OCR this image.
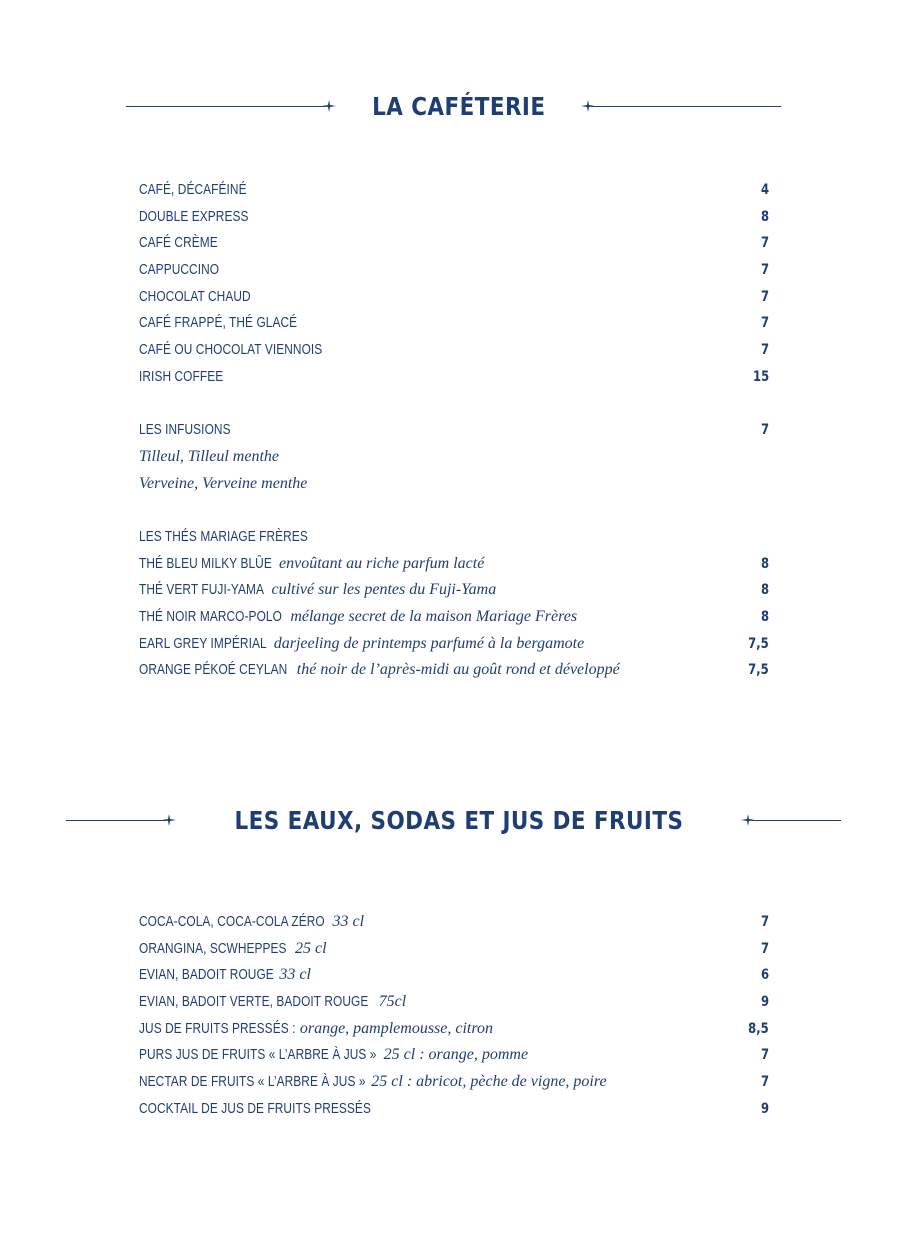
LA CAFÉTERIE
CAFÉ, DÉCAFÉINÉ	4
DOUBLE EXPRESS	8
CAFÉ CRÈME	7
CAPPUCCINO	7
CHOCOLAT CHAUD	7
CAFÉ FRAPPÉ, THÉ GLACÉ	7
CAFÉ OU CHOCOLAT VIENNOIS	7
IRISH COFFEE	15
LES INFUSIONS	7
Tilleul, Tilleul menthe
Verveine, Verveine menthe
LES THÉS MARIAGE FRÈRES
THÉ BLEU MILKY BLÛE envoûtant au riche parfum lacté	8
THÉ VERT FUJI-YAMA cultivé sur les pentes du Fuji-Yama	8
THÉ NOIR MARCO-POLO mélange secret de la maison Mariage Frères	8
EARL GREY IMPÉRIAL darjeeling de printemps parfumé à la bergamote	7,5
ORANGE PÉKOÉ CEYLAN thé noir de l’après-midi au goût rond et développé	7,5
LES EAUX, SODAS ET JUS DE FRUITS
COCA-COLA, COCA-COLA ZÉRO 33 cl	7
ORANGINA, SCWHEPPES 25 cl	7
EVIAN, BADOIT ROUGE 33 cl	6
EVIAN, BADOIT VERTE, BADOIT ROUGE 75cl	9
JUS DE FRUITS PRESSÉS : orange, pamplemousse, citron	8,5
PURS JUS DE FRUITS « L’ARBRE À JUS » 25 cl : orange, pomme	7
NECTAR DE FRUITS « L’ARBRE À JUS » 25 cl : abricot, pèche de vigne, poire	7
COCKTAIL DE JUS DE FRUITS PRESSÉS	9
